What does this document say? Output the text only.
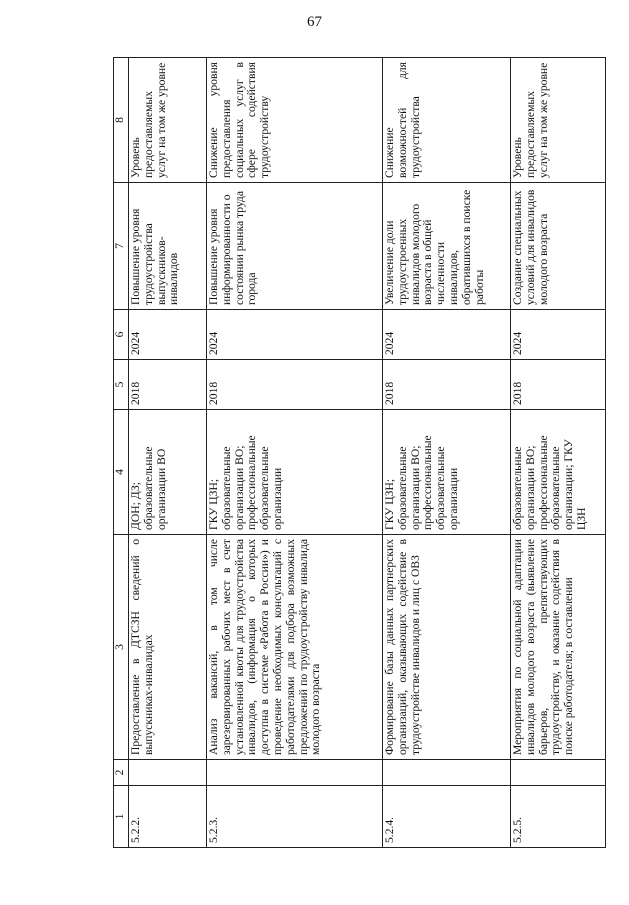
67
1	2	3	4	5	6	7	8
5.2.2.		Предоставление в ДТСЗН сведений о выпускниках-инвалидах	ДОН; ДЗ; образовательные организации ВО	2018	2024	Повышение уровня трудоустройства выпускников-инвалидов	Уровень предоставляемых услуг на том же уровне
5.2.3.		Анализ вакансий, в том числе зарезервированных рабочих мест в счет установленной квоты для трудоустройства инвалидов, (информация о которых доступна в системе «Работа в России») и проведение необходимых консультаций с работодателями для подбора возможных предложений по трудоустройству инвалида молодого возраста	ГКУ ЦЗН; образовательные организации ВО; профессиональные образовательные организации	2018	2024	Повышение уровня информированности о состоянии рынка труда города	Снижение уровня предоставления социальных услуг в сфере содействия трудоустройству
5.2.4.		Формирование базы данных партнерских организаций, оказывающих содействие в трудоустройстве инвалидов и лиц с ОВЗ	ГКУ ЦЗН; образовательные организации ВО; профессиональные образовательные организации	2018	2024	Увеличение доли трудоустроенных инвалидов молодого возраста в общей численности инвалидов, обратившихся в поиске работы	Снижение возможностей для трудоустройства
5.2.5.		Мероприятия по социальной адаптации инвалидов молодого возраста (выявление барьеров, препятствующих трудоустройству, и оказание содействия в поиске работодателя; в составлении	образовательные организации ВО; профессиональные образовательные организации; ГКУ ЦЗН	2018	2024	Создание специальных условий для инвалидов молодого возраста	Уровень предоставляемых услуг на том же уровне
